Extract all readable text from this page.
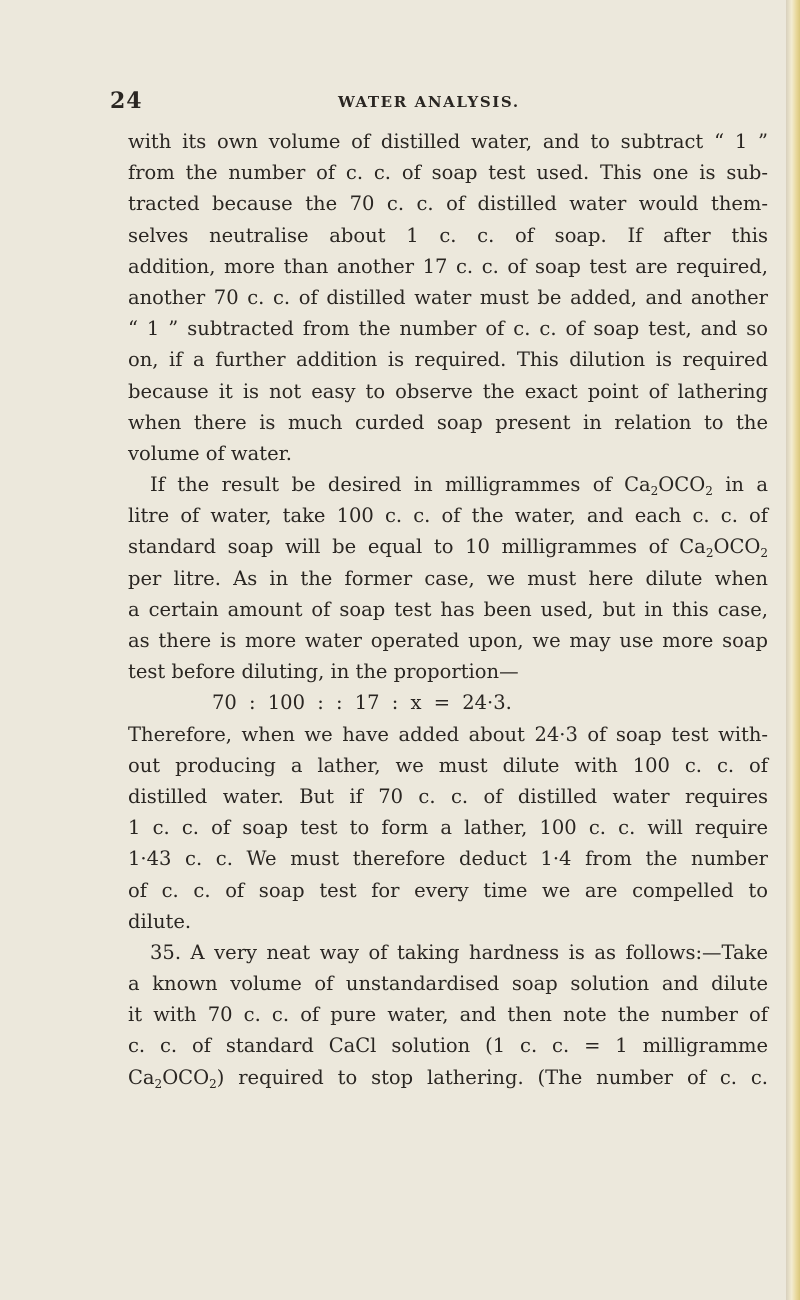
24	WATER ANALYSIS.
with its own volume of distilled water, and to subtract “ 1 ”
from the number of c. c. of soap test used. This one is sub-
tracted because the 70 c. c. of distilled water would them-
selves neutralise about 1 c. c. of soap. If after this
addition, more than another 17 c. c. of soap test are required,
another 70 c. c. of distilled water must be added, and another
“ 1 ” subtracted from the number of c. c. of soap test, and so
on, if a further addition is required. This dilution is required
because it is not easy to observe the exact point of lathering
when there is much curded soap present in relation to the
volume of water.
If the result be desired in milligrammes of $Ca_2OCO_2$ in a
litre of water, take 100 c. c. of the water, and each c. c. of
standard soap will be equal to 10 milligrammes of $Ca_2OCO_2$
per litre. As in the former case, we must here dilute when
a certain amount of soap test has been used, but in this case,
as there is more water operated upon, we may use more soap
test before diluting, in the proportion—
70 : 100 : : 17 : x = 24·3.
Therefore, when we have added about 24·3 of soap test with-
out producing a lather, we must dilute with 100 c. c. of
distilled water. But if 70 c. c. of distilled water requires
1 c. c. of soap test to form a lather, 100 c. c. will require
1·43 c. c. We must therefore deduct 1·4 from the number
of c. c. of soap test for every time we are compelled to
dilute.
35. A very neat way of taking hardness is as follows:—Take
a known volume of unstandardised soap solution and dilute
it with 70 c. c. of pure water, and then note the number of
c. c. of standard CaCl solution (1 c. c. = 1 milligramme
$Ca_2OCO_2$) required to stop lathering. (The number of c. c.
